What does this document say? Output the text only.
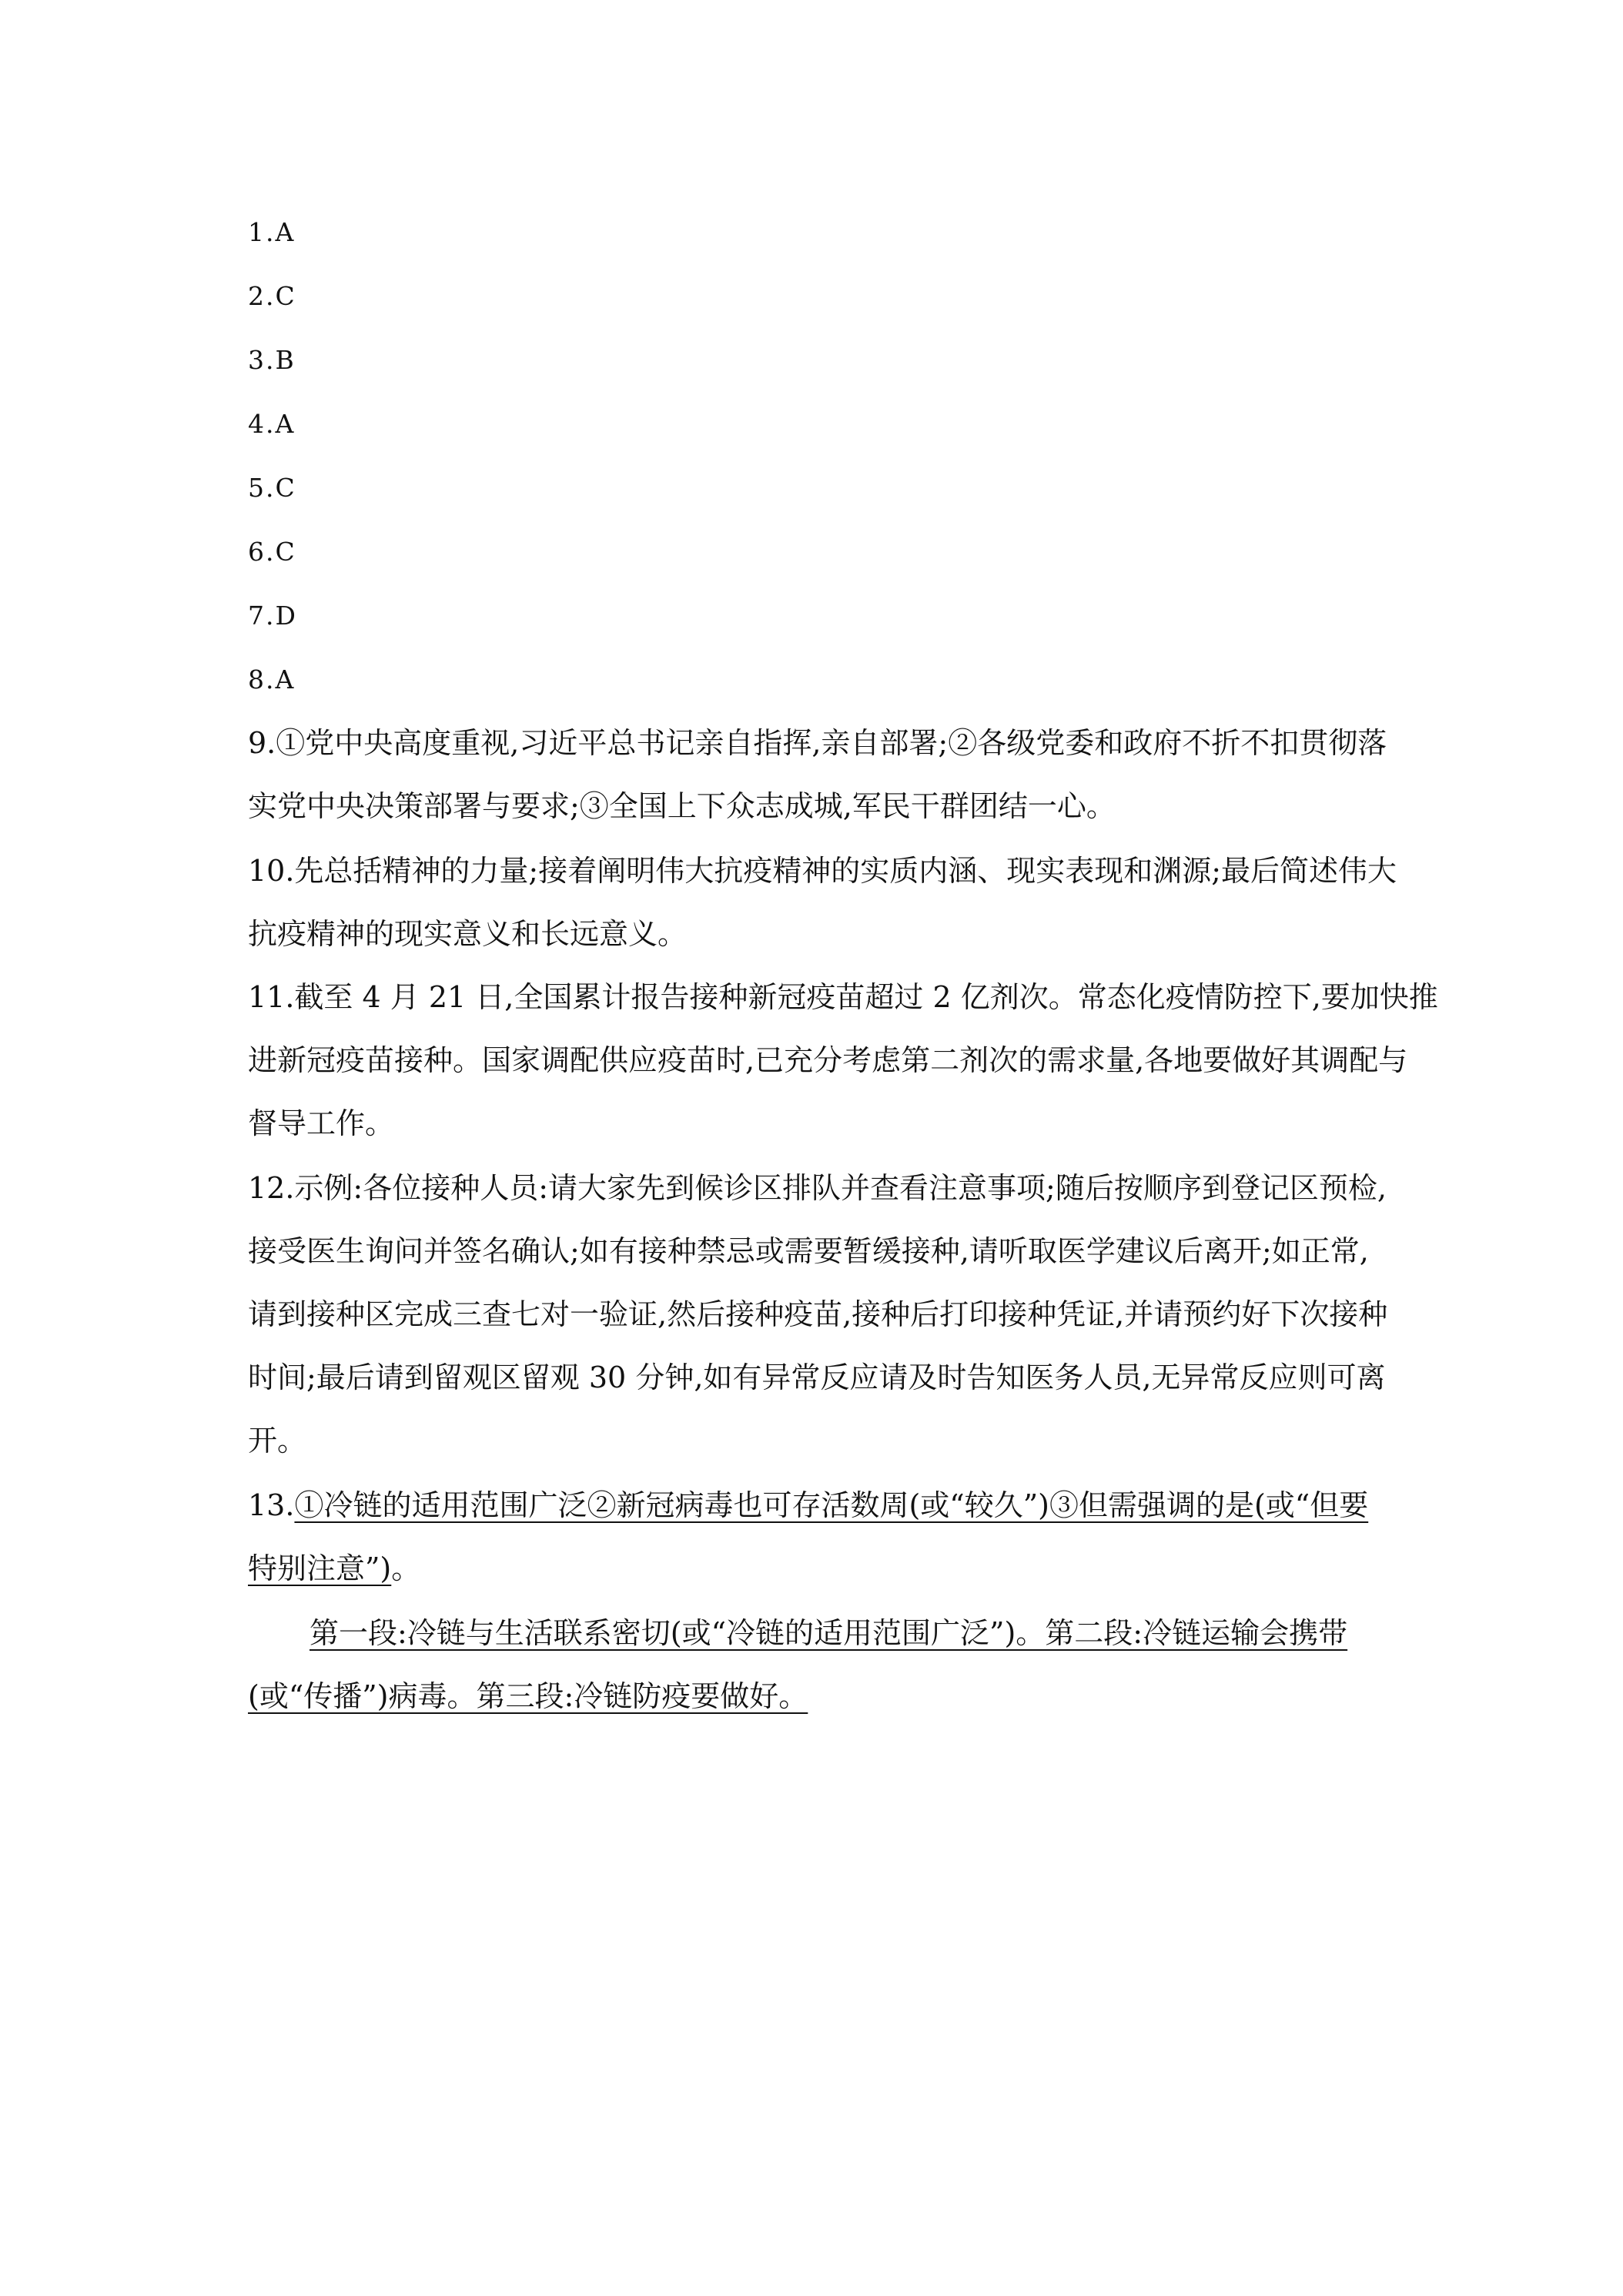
1.A
2.C
3.B
4.A
5.C
6.C
7.D
8.A
9.①党中央高度重视,习近平总书记亲自指挥,亲自部署;②各级党委和政府不折不扣贯彻落
实党中央决策部署与要求;③全国上下众志成城,军民干群团结一心。
10.先总括精神的力量;接着阐明伟大抗疫精神的实质内涵、现实表现和渊源;最后简述伟大
抗疫精神的现实意义和长远意义。
11.截至 4 月 21 日,全国累计报告接种新冠疫苗超过 2 亿剂次。常态化疫情防控下,要加快推
进新冠疫苗接种。国家调配供应疫苗时,已充分考虑第二剂次的需求量,各地要做好其调配与
督导工作。
12.示例:各位接种人员:请大家先到候诊区排队并查看注意事项;随后按顺序到登记区预检,
接受医生询问并签名确认;如有接种禁忌或需要暂缓接种,请听取医学建议后离开;如正常,
请到接种区完成三查七对一验证,然后接种疫苗,接种后打印接种凭证,并请预约好下次接种
时间;最后请到留观区留观 30 分钟,如有异常反应请及时告知医务人员,无异常反应则可离
开。
13.①冷链的适用范围广泛②新冠病毒也可存活数周(或“较久”)③但需强调的是(或“但要
特别注意”)。
第一段:冷链与生活联系密切(或“冷链的适用范围广泛”)。第二段:冷链运输会携带
(或“传播”)病毒。第三段:冷链防疫要做好。
